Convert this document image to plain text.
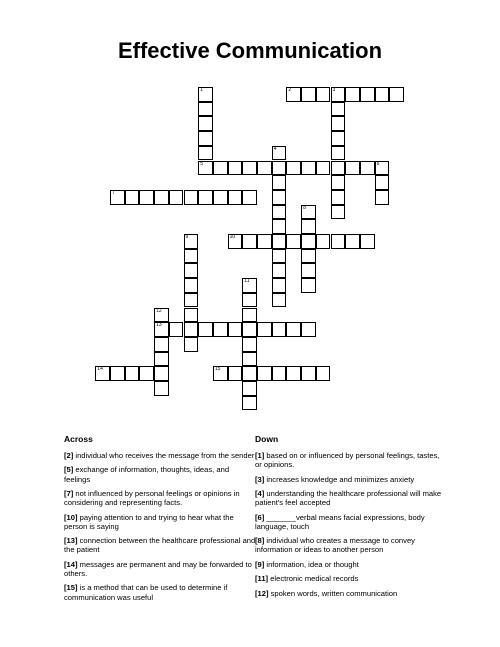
Effective Communication
1
5
2	3
4
6
7
8
9	10
11
12
13
14	15
Across	Down
[2] individual who receives the message from the sender
[5] exchange of information, thoughts, ideas, and feelings
[7] not influenced by personal feelings or opinions in considering and representing facts.
[10] paying attention to and trying to hear what the person is saying
[13] connection between the healthcare professional and the patient
[14] messages are permanent and may be forwarded to others.
[15] is a method that can be used to determine if communication was useful
[1] based on or influenced by personal feelings, tastes, or opinions.
[3] increases knowledge and minimizes anxiety
[4] understanding the healthcare professional will make patient's feel accepted
[6] _______verbal means facial expressions, body language, touch
[8] individual who creates a message to convey information or ideas to another person
[9] information, idea or thought
[11] electronic medical records
[12] spoken words, written communication
